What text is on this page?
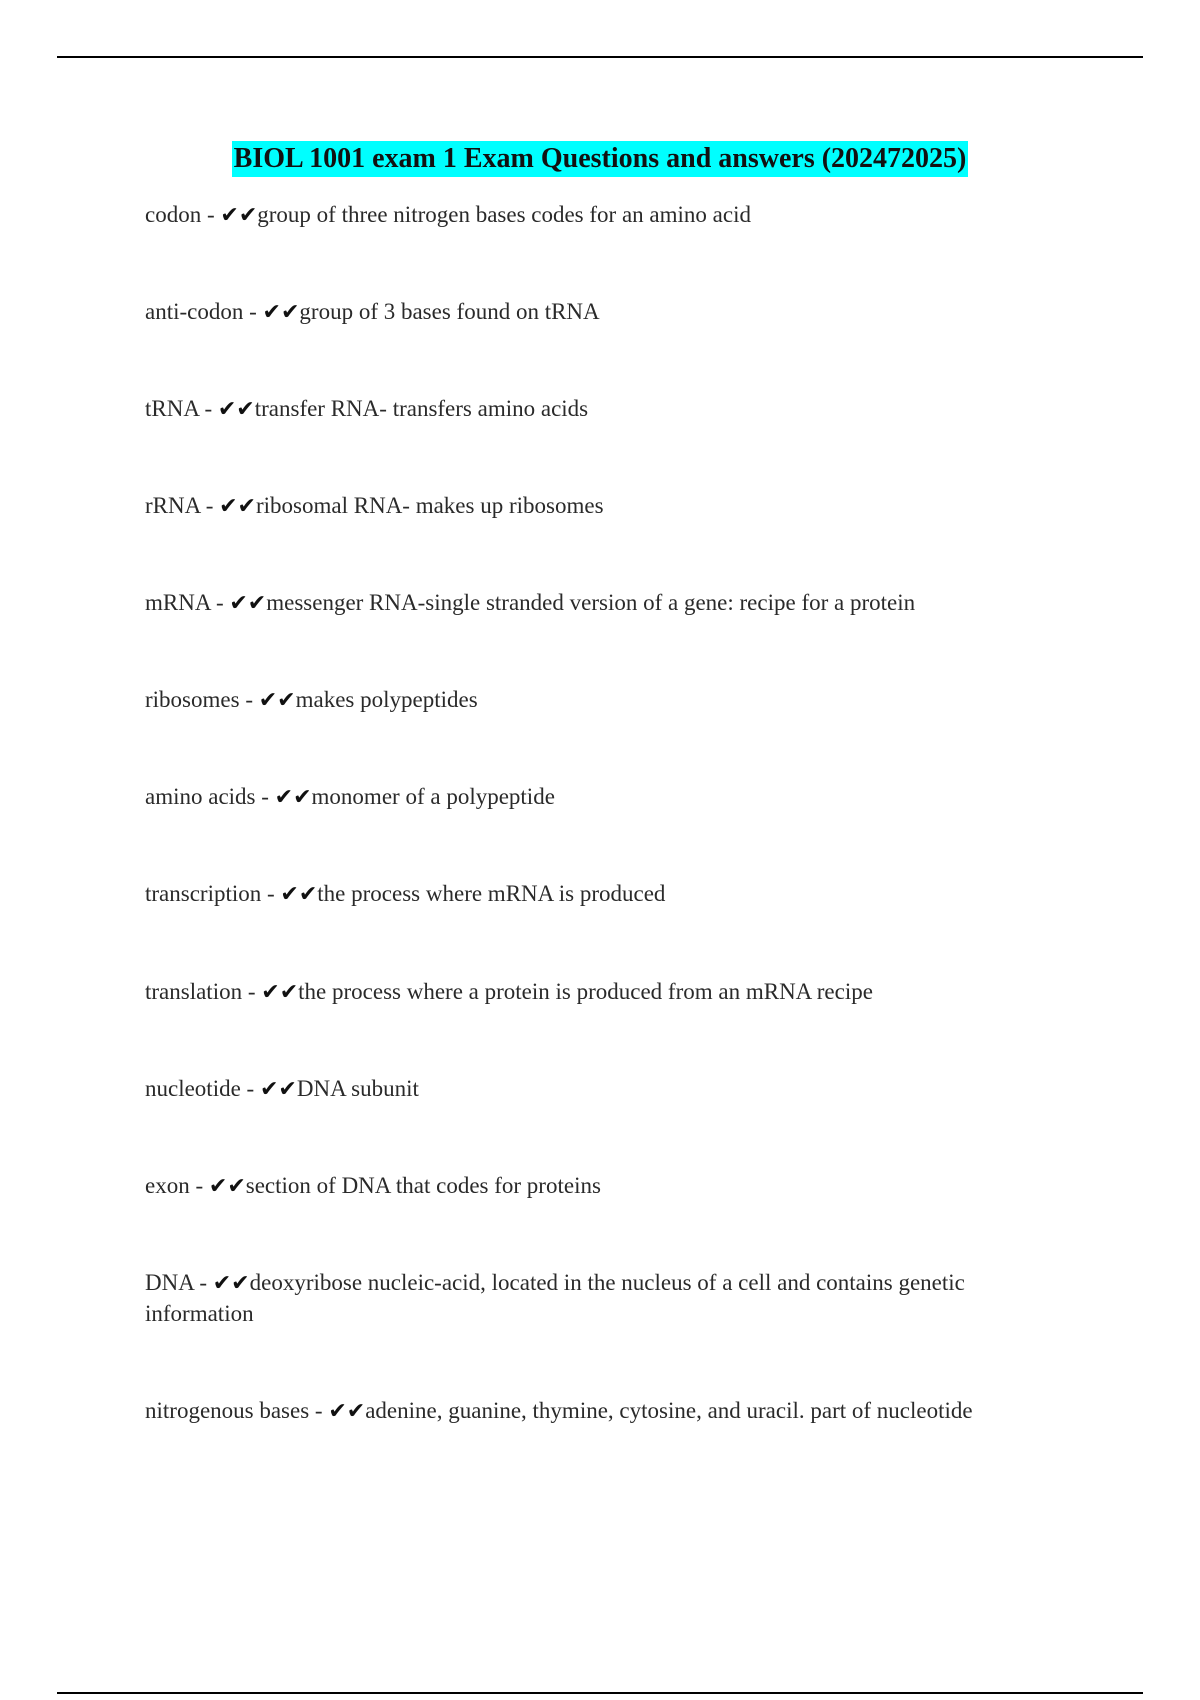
BIOL 1001 exam 1 Exam Questions and answers (202472025)
codon - ✔✔group of three nitrogen bases codes for an amino acid
anti-codon - ✔✔group of 3 bases found on tRNA
tRNA - ✔✔transfer RNA- transfers amino acids
rRNA - ✔✔ribosomal RNA- makes up ribosomes
mRNA - ✔✔messenger RNA-single stranded version of a gene: recipe for a protein
ribosomes - ✔✔makes polypeptides
amino acids - ✔✔monomer of a polypeptide
transcription - ✔✔the process where mRNA is produced
translation - ✔✔the process where a protein is produced from an mRNA recipe
nucleotide - ✔✔DNA subunit
exon - ✔✔section of DNA that codes for proteins
DNA - ✔✔deoxyribose nucleic-acid, located in the nucleus of a cell and contains genetic information
nitrogenous bases - ✔✔adenine, guanine, thymine, cytosine, and uracil. part of nucleotide
